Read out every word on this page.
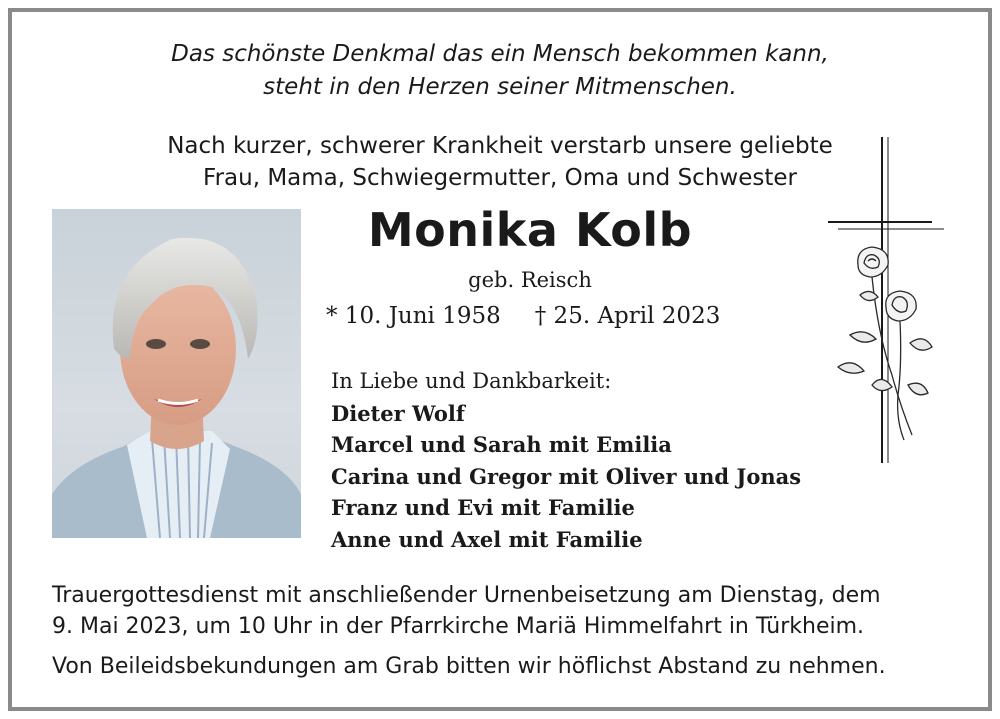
Das schönste Denkmal das ein Mensch bekommen kann,
steht in den Herzen seiner Mitmenschen.
Nach kurzer, schwerer Krankheit verstarb unsere geliebte
Frau, Mama, Schwiegermutter, Oma und Schwester
Monika Kolb
geb. Reisch
* 10. Juni 1958 † 25. April 2023
In Liebe und Dankbarkeit:
Dieter Wolf
Marcel und Sarah mit Emilia
Carina und Gregor mit Oliver und Jonas
Franz und Evi mit Familie
Anne und Axel mit Familie
Trauergottesdienst mit anschließender Urnenbeisetzung am Dienstag, dem
9. Mai 2023, um 10 Uhr in der Pfarrkirche Mariä Himmelfahrt in Türkheim.
Von Beileidsbekundungen am Grab bitten wir höflichst Abstand zu nehmen.
